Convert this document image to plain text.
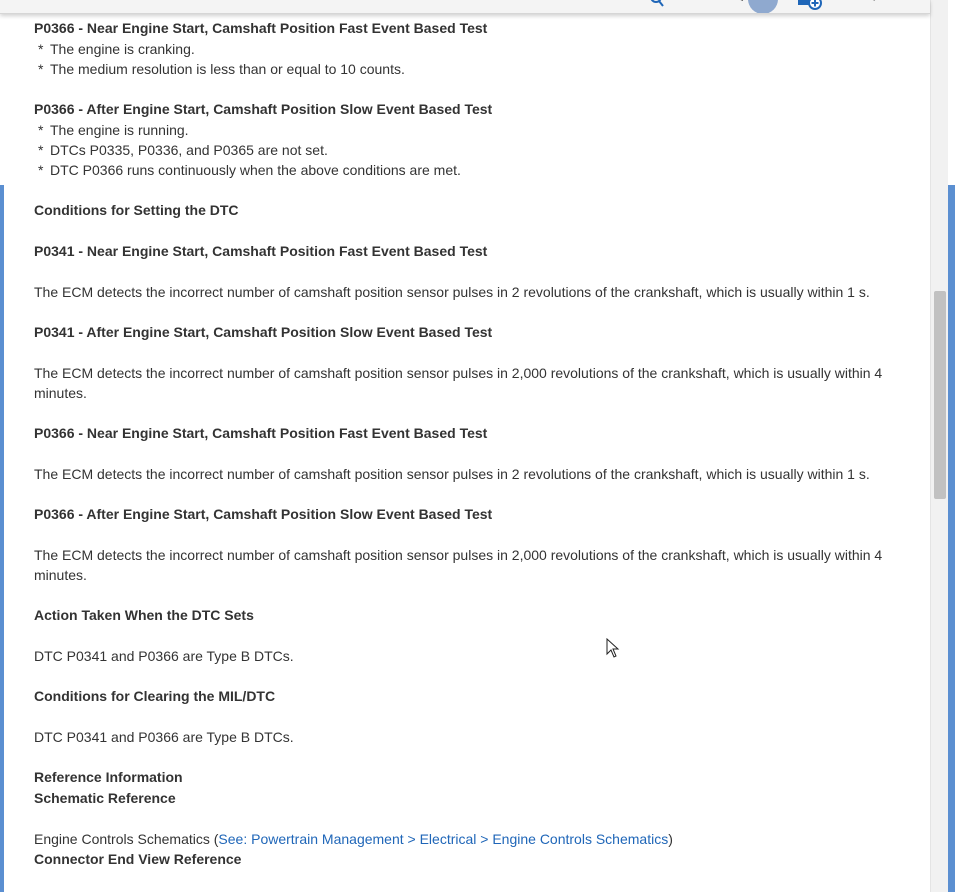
P0366 - Near Engine Start, Camshaft Position Fast Event Based Test
* The engine is cranking.
* The medium resolution is less than or equal to 10 counts.
P0366 - After Engine Start, Camshaft Position Slow Event Based Test
* The engine is running.
* DTCs P0335, P0336, and P0365 are not set.
* DTC P0366 runs continuously when the above conditions are met.
Conditions for Setting the DTC
P0341 - Near Engine Start, Camshaft Position Fast Event Based Test
The ECM detects the incorrect number of camshaft position sensor pulses in 2 revolutions of the crankshaft, which is usually within 1 s.
P0341 - After Engine Start, Camshaft Position Slow Event Based Test
The ECM detects the incorrect number of camshaft position sensor pulses in 2,000 revolutions of the crankshaft, which is usually within 4 minutes.
P0366 - Near Engine Start, Camshaft Position Fast Event Based Test
The ECM detects the incorrect number of camshaft position sensor pulses in 2 revolutions of the crankshaft, which is usually within 1 s.
P0366 - After Engine Start, Camshaft Position Slow Event Based Test
The ECM detects the incorrect number of camshaft position sensor pulses in 2,000 revolutions of the crankshaft, which is usually within 4 minutes.
Action Taken When the DTC Sets
DTC P0341 and P0366 are Type B DTCs.
Conditions for Clearing the MIL/DTC
DTC P0341 and P0366 are Type B DTCs.
Reference Information
Schematic Reference
Engine Controls Schematics (See: Powertrain Management > Electrical > Engine Controls Schematics)
Connector End View Reference
